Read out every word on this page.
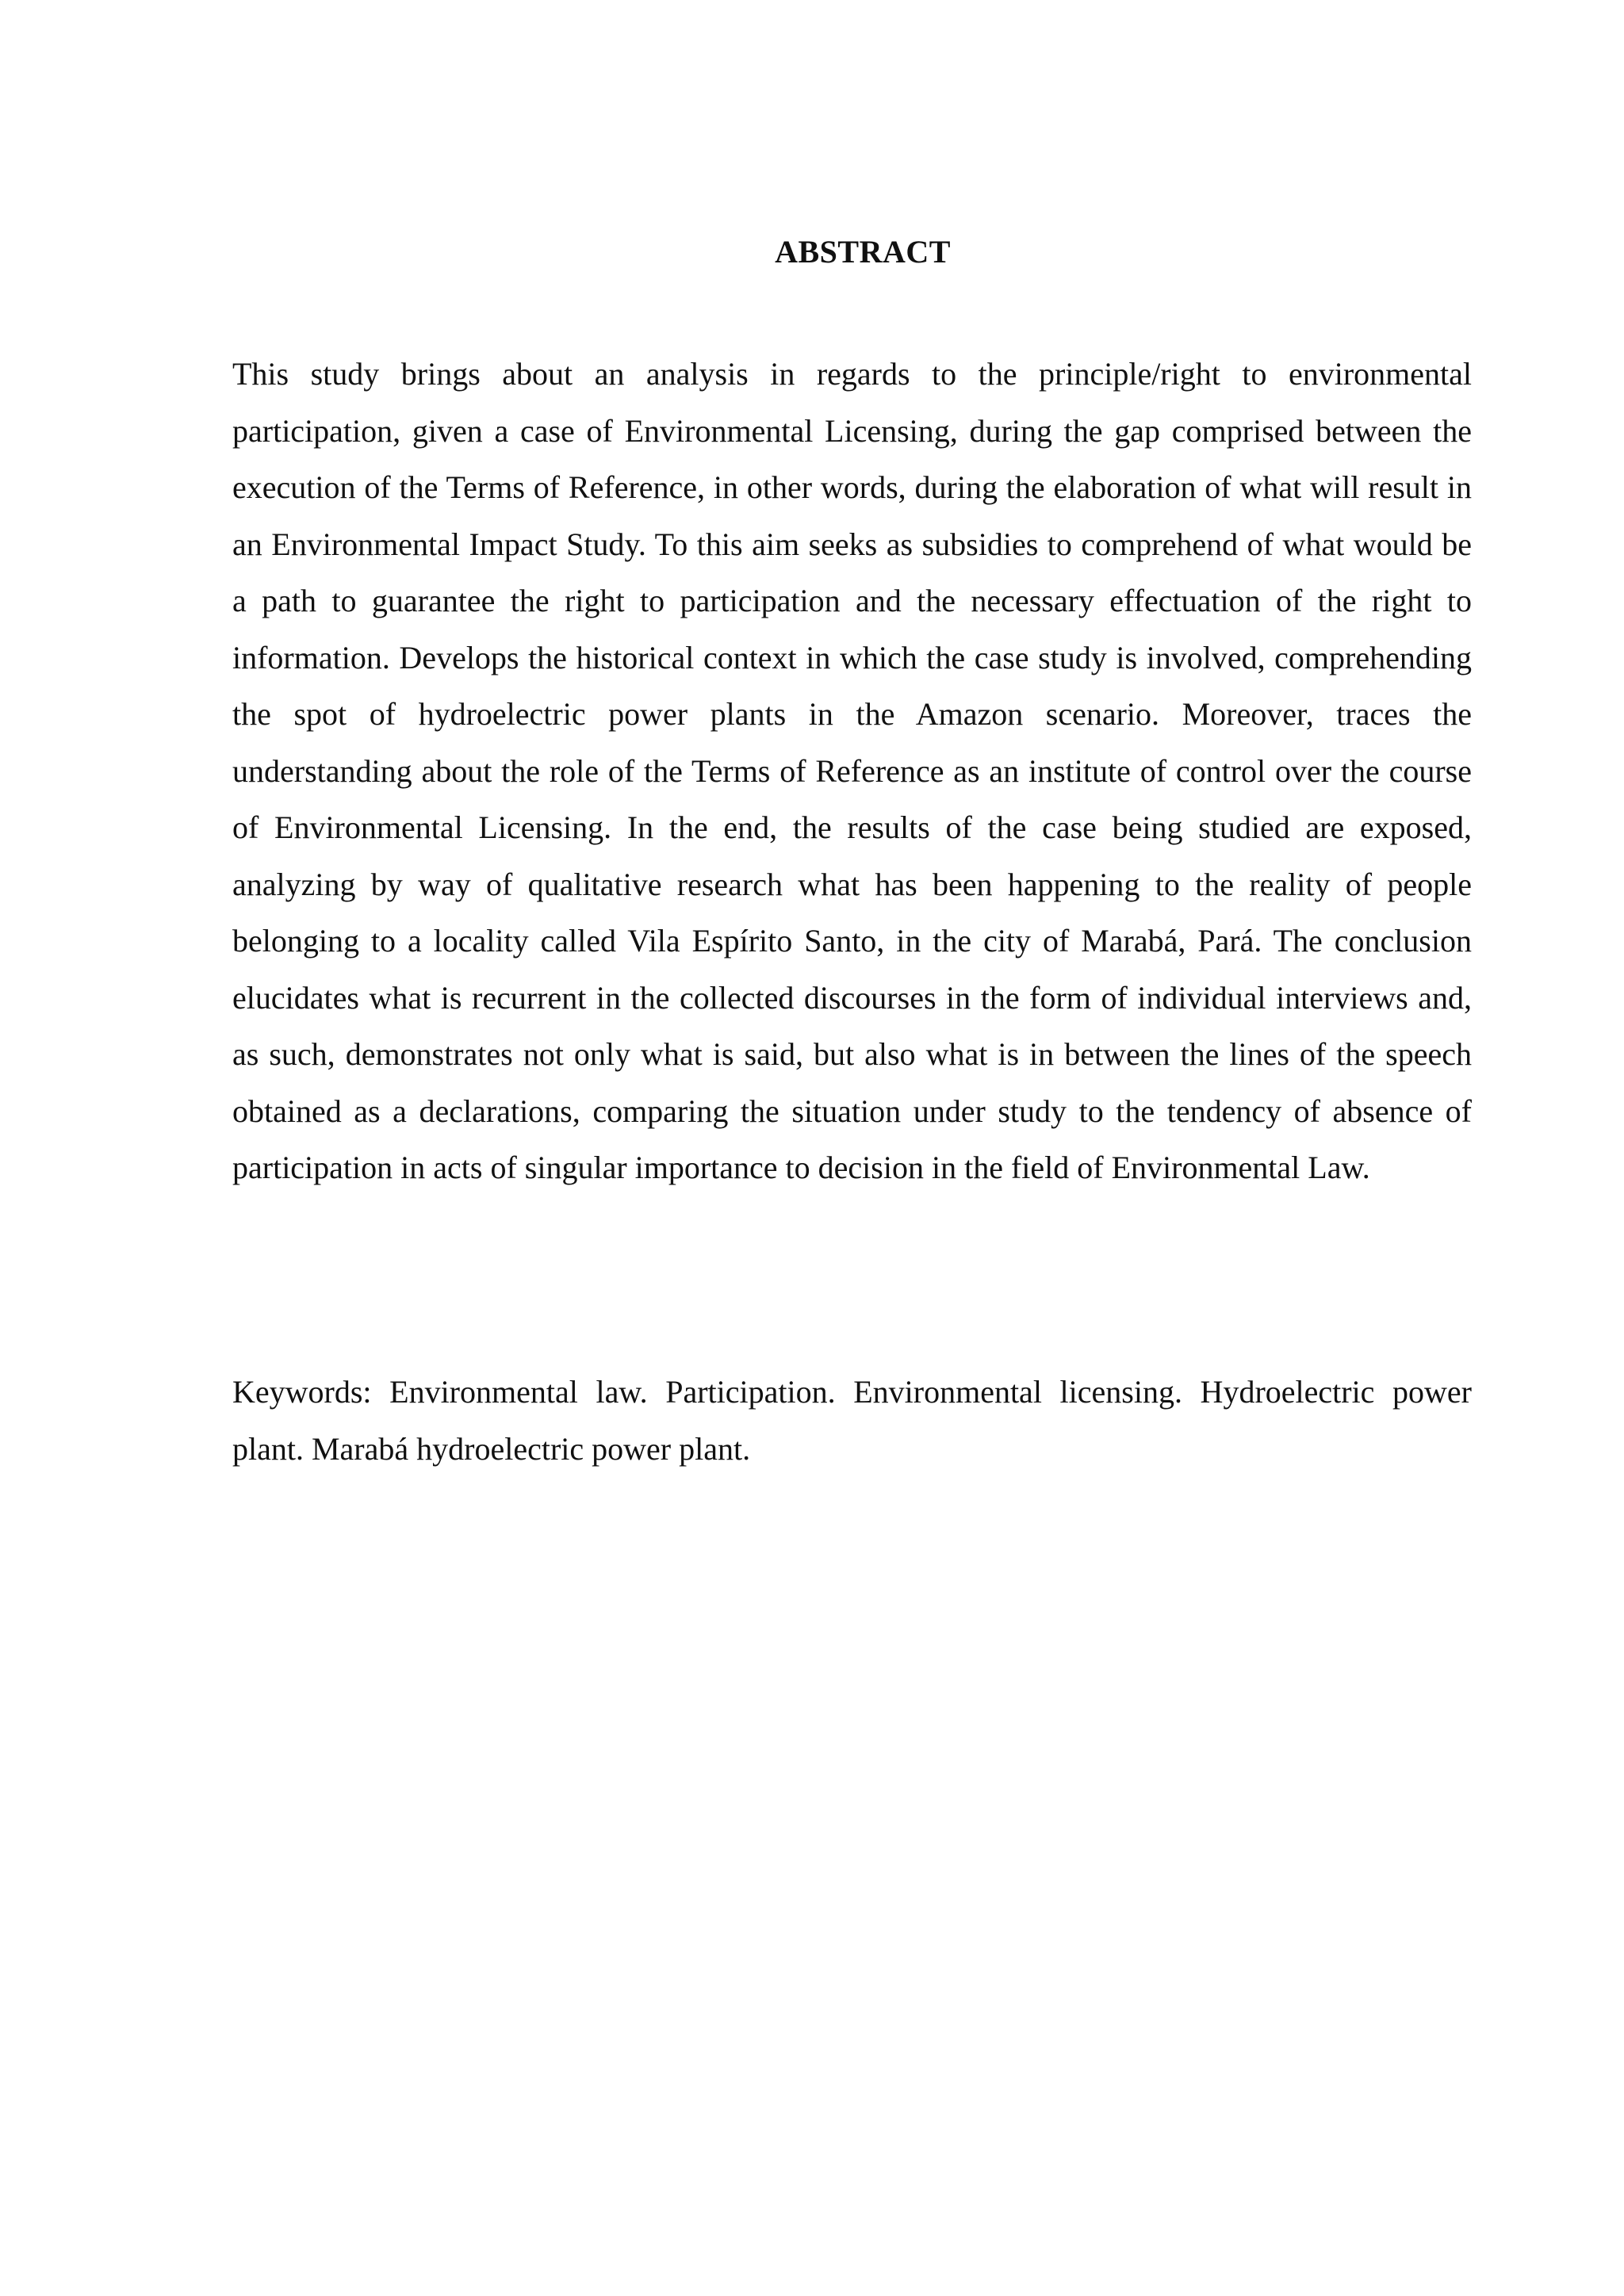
ABSTRACT

This study brings about an analysis in regards to the principle/right to environmental participation, given a case of Environmental Licensing, during the gap comprised between the execution of the Terms of Reference, in other words, during the elaboration of what will result in an Environmental Impact Study. To this aim seeks as subsidies to comprehend of what would be a path to guarantee the right to participation and the necessary effectuation of the right to information. Develops the historical context in which the case study is involved, comprehending the spot of hydroelectric power plants in the Amazon scenario. Moreover, traces the understanding about the role of the Terms of Reference as an institute of control over the course of Environmental Licensing. In the end, the results of the case being studied are exposed, analyzing by way of qualitative research what has been happening to the reality of people belonging to a locality called Vila Espírito Santo, in the city of Marabá, Pará. The conclusion elucidates what is recurrent in the collected discourses in the form of individual interviews and, as such, demonstrates not only what is said, but also what is in between the lines of the speech obtained as a declarations, comparing the situation under study to the tendency of absence of participation in acts of singular importance to decision in the field of Environmental Law.

Keywords: Environmental law. Participation. Environmental licensing. Hydroelectric power plant. Marabá hydroelectric power plant.
